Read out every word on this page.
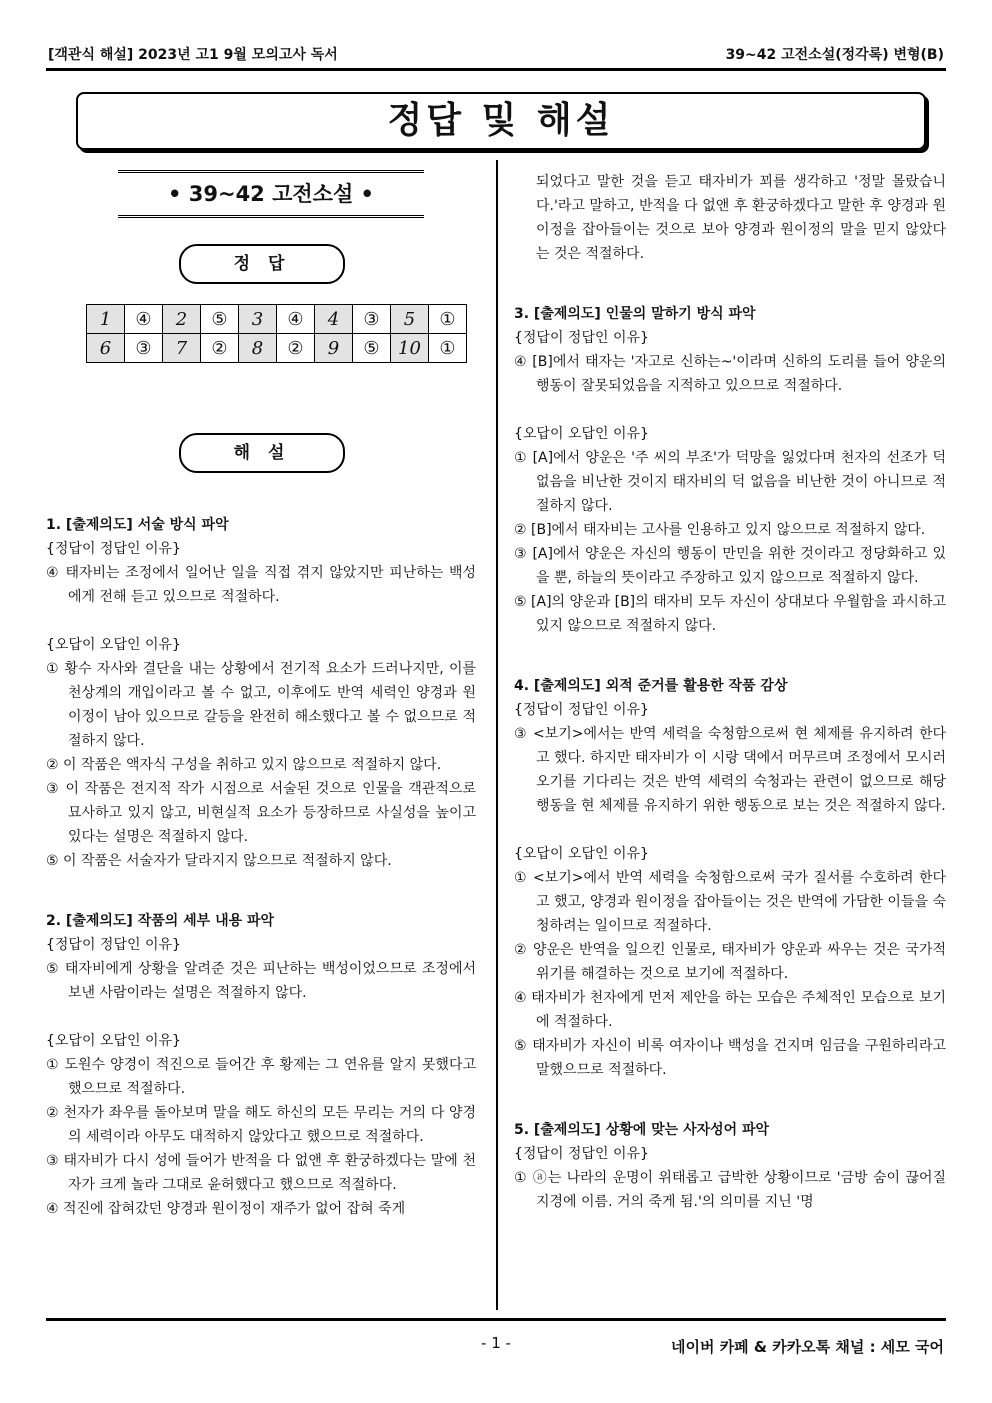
[객관식 해설] 2023년 고1 9월 모의고사 독서	39~42 고전소설(정각록) 변형(B)
정답 및 해설
• 39~42 고전소설 •
정 답
1	④	2	⑤	3	④	4	③	5	①
6	③	7	②	8	②	9	⑤	10	①
해 설

1. [출제의도] 서술 방식 파악

{정답이 정답인 이유}

④ 태자비는 조정에서 일어난 일을 직접 겪지 않았지만 피난하는 백성에게 전해 듣고 있으므로 적절하다.

{오답이 오답인 이유}

① 황수 자사와 결단을 내는 상황에서 전기적 요소가 드러나지만, 이를 천상계의 개입이라고 볼 수 없고, 이후에도 반역 세력인 양경과 원이정이 남아 있으므로 갈등을 완전히 해소했다고 볼 수 없으므로 적절하지 않다.

② 이 작품은 액자식 구성을 취하고 있지 않으므로 적절하지 않다.

③ 이 작품은 전지적 작가 시점으로 서술된 것으로 인물을 객관적으로 묘사하고 있지 않고, 비현실적 요소가 등장하므로 사실성을 높이고 있다는 설명은 적절하지 않다.

⑤ 이 작품은 서술자가 달라지지 않으므로 적절하지 않다.

2. [출제의도] 작품의 세부 내용 파악

{정답이 정답인 이유}

⑤ 태자비에게 상황을 알려준 것은 피난하는 백성이었으므로 조정에서 보낸 사람이라는 설명은 적절하지 않다.

{오답이 오답인 이유}

① 도원수 양경이 적진으로 들어간 후 황제는 그 연유를 알지 못했다고 했으므로 적절하다.

② 천자가 좌우를 돌아보며 말을 해도 하신의 모든 무리는 거의 다 양경의 세력이라 아무도 대적하지 않았다고 했으므로 적절하다.

③ 태자비가 다시 성에 들어가 반적을 다 없앤 후 환궁하겠다는 말에 천자가 크게 놀라 그대로 윤허했다고 했으므로 적절하다.

④ 적진에 잡혀갔던 양경과 원이정이 재주가 없어 잡혀 죽게

되었다고 말한 것을 듣고 태자비가 꾀를 생각하고 '정말 몰랐습니다.'라고 말하고, 반적을 다 없앤 후 환궁하겠다고 말한 후 양경과 원이정을 잡아들이는 것으로 보아 양경과 원이정의 말을 믿지 않았다는 것은 적절하다.

3. [출제의도] 인물의 말하기 방식 파악

{정답이 정답인 이유}

④ [B]에서 태자는 '자고로 신하는~'이라며 신하의 도리를 들어 양운의 행동이 잘못되었음을 지적하고 있으므로 적절하다.

{오답이 오답인 이유}

① [A]에서 양운은 '주 씨의 부조'가 덕망을 잃었다며 천자의 선조가 덕 없음을 비난한 것이지 태자비의 덕 없음을 비난한 것이 아니므로 적절하지 않다.

② [B]에서 태자비는 고사를 인용하고 있지 않으므로 적절하지 않다.

③ [A]에서 양운은 자신의 행동이 만민을 위한 것이라고 정당화하고 있을 뿐, 하늘의 뜻이라고 주장하고 있지 않으므로 적절하지 않다.

⑤ [A]의 양운과 [B]의 태자비 모두 자신이 상대보다 우월함을 과시하고 있지 않으므로 적절하지 않다.

4. [출제의도] 외적 준거를 활용한 작품 감상

{정답이 정답인 이유}

③ <보기>에서는 반역 세력을 숙청함으로써 현 체제를 유지하려 한다고 했다. 하지만 태자비가 이 시랑 댁에서 머무르며 조정에서 모시러 오기를 기다리는 것은 반역 세력의 숙청과는 관련이 없으므로 해당 행동을 현 체제를 유지하기 위한 행동으로 보는 것은 적절하지 않다.

{오답이 오답인 이유}

① <보기>에서 반역 세력을 숙청함으로써 국가 질서를 수호하려 한다고 했고, 양경과 원이정을 잡아들이는 것은 반역에 가담한 이들을 숙청하려는 일이므로 적절하다.

② 양운은 반역을 일으킨 인물로, 태자비가 양운과 싸우는 것은 국가적 위기를 해결하는 것으로 보기에 적절하다.

④ 태자비가 천자에게 먼저 제안을 하는 모습은 주체적인 모습으로 보기에 적절하다.

⑤ 태자비가 자신이 비록 여자이나 백성을 건지며 임금을 구원하리라고 말했으므로 적절하다.

5. [출제의도] 상황에 맞는 사자성어 파악

{정답이 정답인 이유}

① ⓐ는 나라의 운명이 위태롭고 급박한 상황이므로 '금방 숨이 끊어질 지경에 이름. 거의 죽게 됨.'의 의미를 지닌 '명

- 1 -	네이버 카페 & 카카오톡 채널 : 세모 국어
